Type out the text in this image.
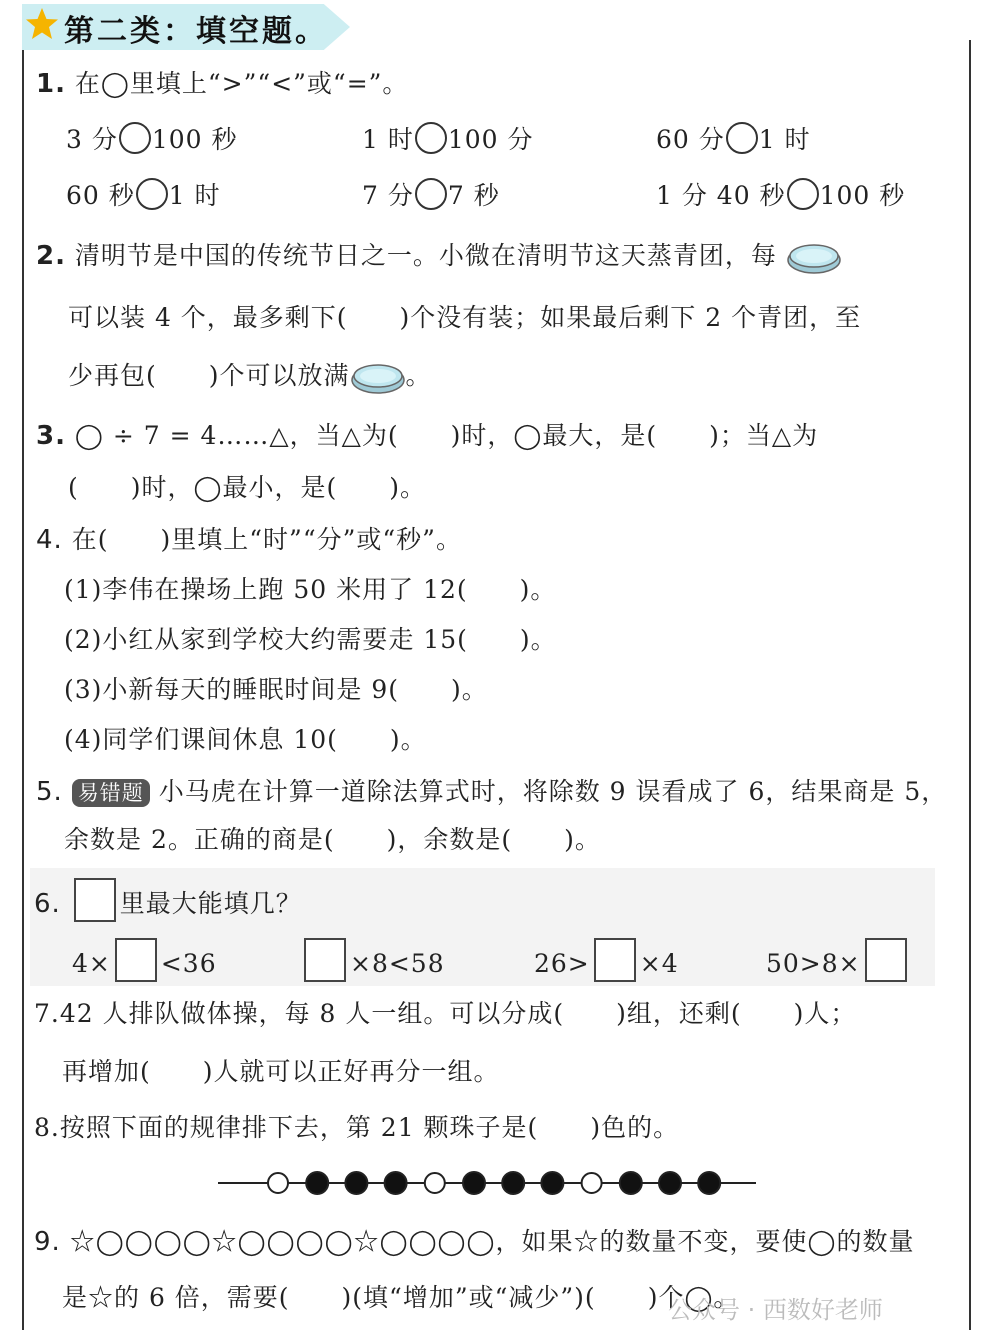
第二类：填空题。
1. 在◯里填上“>”“<”或“=”。
3 分 100 秒	1 时 100 分	60 分 1 时
60 秒 1 时	7 分 7 秒	1 分 40 秒 100 秒
2. 清明节是中国的传统节日之一。小微在清明节这天蒸青团，每
可以装 4 个，最多剩下(　　)个没有装；如果最后剩下 2 个青团，至
少再包(　　)个可以放满 。
3. ◯ ÷ 7 = 4……△，当△为(　　)时，◯最大，是(　　)；当△为
(　　)时，◯最小，是(　　)。
4. 在(　　)里填上“时”“分”或“秒”。
(1)李伟在操场上跑 50 米用了 12(　　)。
(2)小红从家到学校大约需要走 15(　　)。
(3)小新每天的睡眠时间是 9(　　)。
(4)同学们课间休息 10(　　)。
5. 易错题 小马虎在计算一道除法算式时，将除数 9 误看成了 6，结果商是 5，
余数是 2。正确的商是(　　)，余数是(　　)。
6. 里最大能填几？
4× <36	×8<58	26> ×4	50>8×
7.42 人排队做体操，每 8 人一组。可以分成(　　)组，还剩(　　)人；
再增加(　　)人就可以正好再分一组。
8.按照下面的规律排下去，第 21 颗珠子是(　　)色的。
9. ☆◯◯◯◯☆◯◯◯◯☆◯◯◯◯，如果☆的数量不变，要使◯的数量
是☆的 6 倍，需要(　　)(填“增加”或“减少”)(　　)个◯。
公众号 · 西数好老师
